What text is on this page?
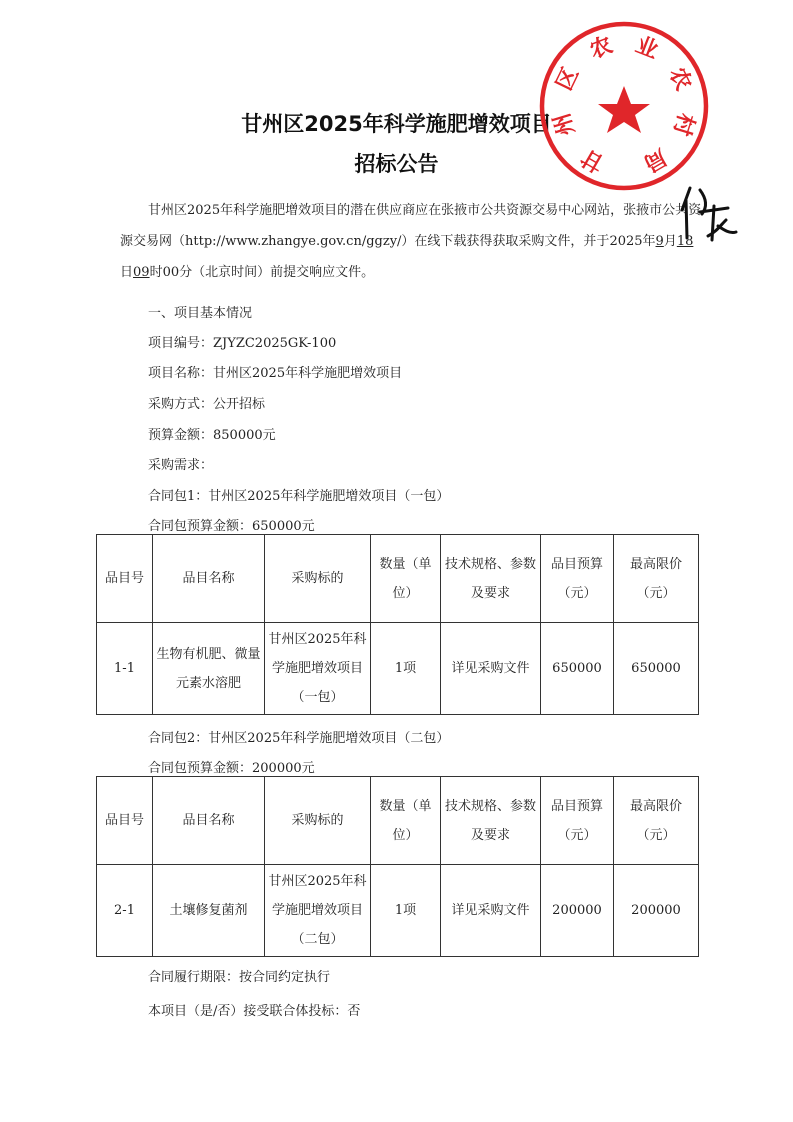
甘州区2025年科学施肥增效项目
招标公告
甘州区2025年科学施肥增效项目的潜在供应商应在张掖市公共资源交易中心网站，张掖市公共资源交易网（http://www.zhangye.gov.cn/ggzy/）在线下载获得获取采购文件，并于2025年9月18日09时00分（北京时间）前提交响应文件。
一、项目基本情况
项目编号：ZJYZC2025GK-100
项目名称：甘州区2025年科学施肥增效项目
采购方式：公开招标
预算金额：850000元
采购需求：
合同包1：甘州区2025年科学施肥增效项目（一包）
合同包预算金额：650000元
品目号	品目名称	采购标的	数量（单位）	技术规格、参数及要求	品目预算（元）	最高限价（元）
1-1	生物有机肥、微量元素水溶肥	甘州区2025年科学施肥增效项目（一包）	1项	详见采购文件	650000	650000
合同包2：甘州区2025年科学施肥增效项目（二包）
合同包预算金额：200000元
品目号	品目名称	采购标的	数量（单位）	技术规格、参数及要求	品目预算（元）	最高限价（元）
2-1	土壤修复菌剂	甘州区2025年科学施肥增效项目（二包）	1项	详见采购文件	200000	200000
合同履行期限：按合同约定执行
本项目（是/否）接受联合体投标：否
甘
州
区
农 业
农
村
局
